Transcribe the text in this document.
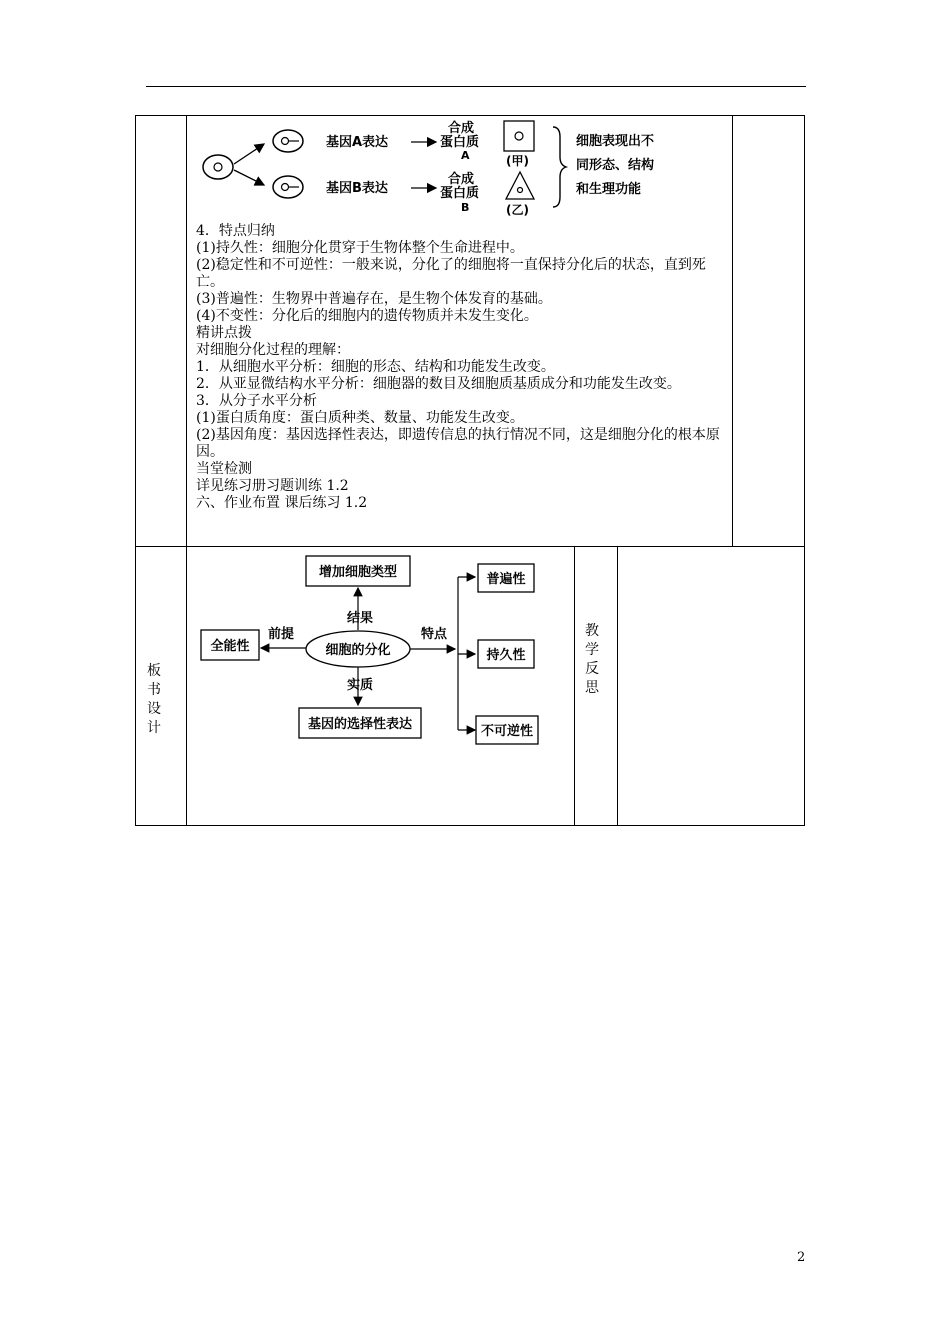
基因A表达
基因B表达
合成
蛋白质
A
合成
蛋白质
B
(甲)
(乙)
细胞表现出不
同形态、结构
和生理功能

4．特点归纳

(1)持久性：细胞分化贯穿于生物体整个生命进程中。

(2)稳定性和不可逆性：一般来说，分化了的细胞将一直保持分化后的状态，直到死亡。

(3)普遍性：生物界中普遍存在，是生物个体发育的基础。

(4)不变性：分化后的细胞内的遗传物质并未发生变化。

精讲点拨

对细胞分化过程的理解：

1．从细胞水平分析：细胞的形态、结构和功能发生改变。

2．从亚显微结构水平分析：细胞器的数目及细胞质基质成分和功能发生改变。

3．从分子水平分析

(1)蛋白质角度：蛋白质种类、数量、功能发生改变。

(2)基因角度：基因选择性表达，即遗传信息的执行情况不同，这是细胞分化的根本原因。

当堂检测

详见练习册习题训练 1.2

六、作业布置 课后练习 1.2

板书设计
教学反思
增加细胞类型
结果
细胞的分化
全能性
前提
实质
基因的选择性表达
特点
普遍性
持久性
不可逆性
2
